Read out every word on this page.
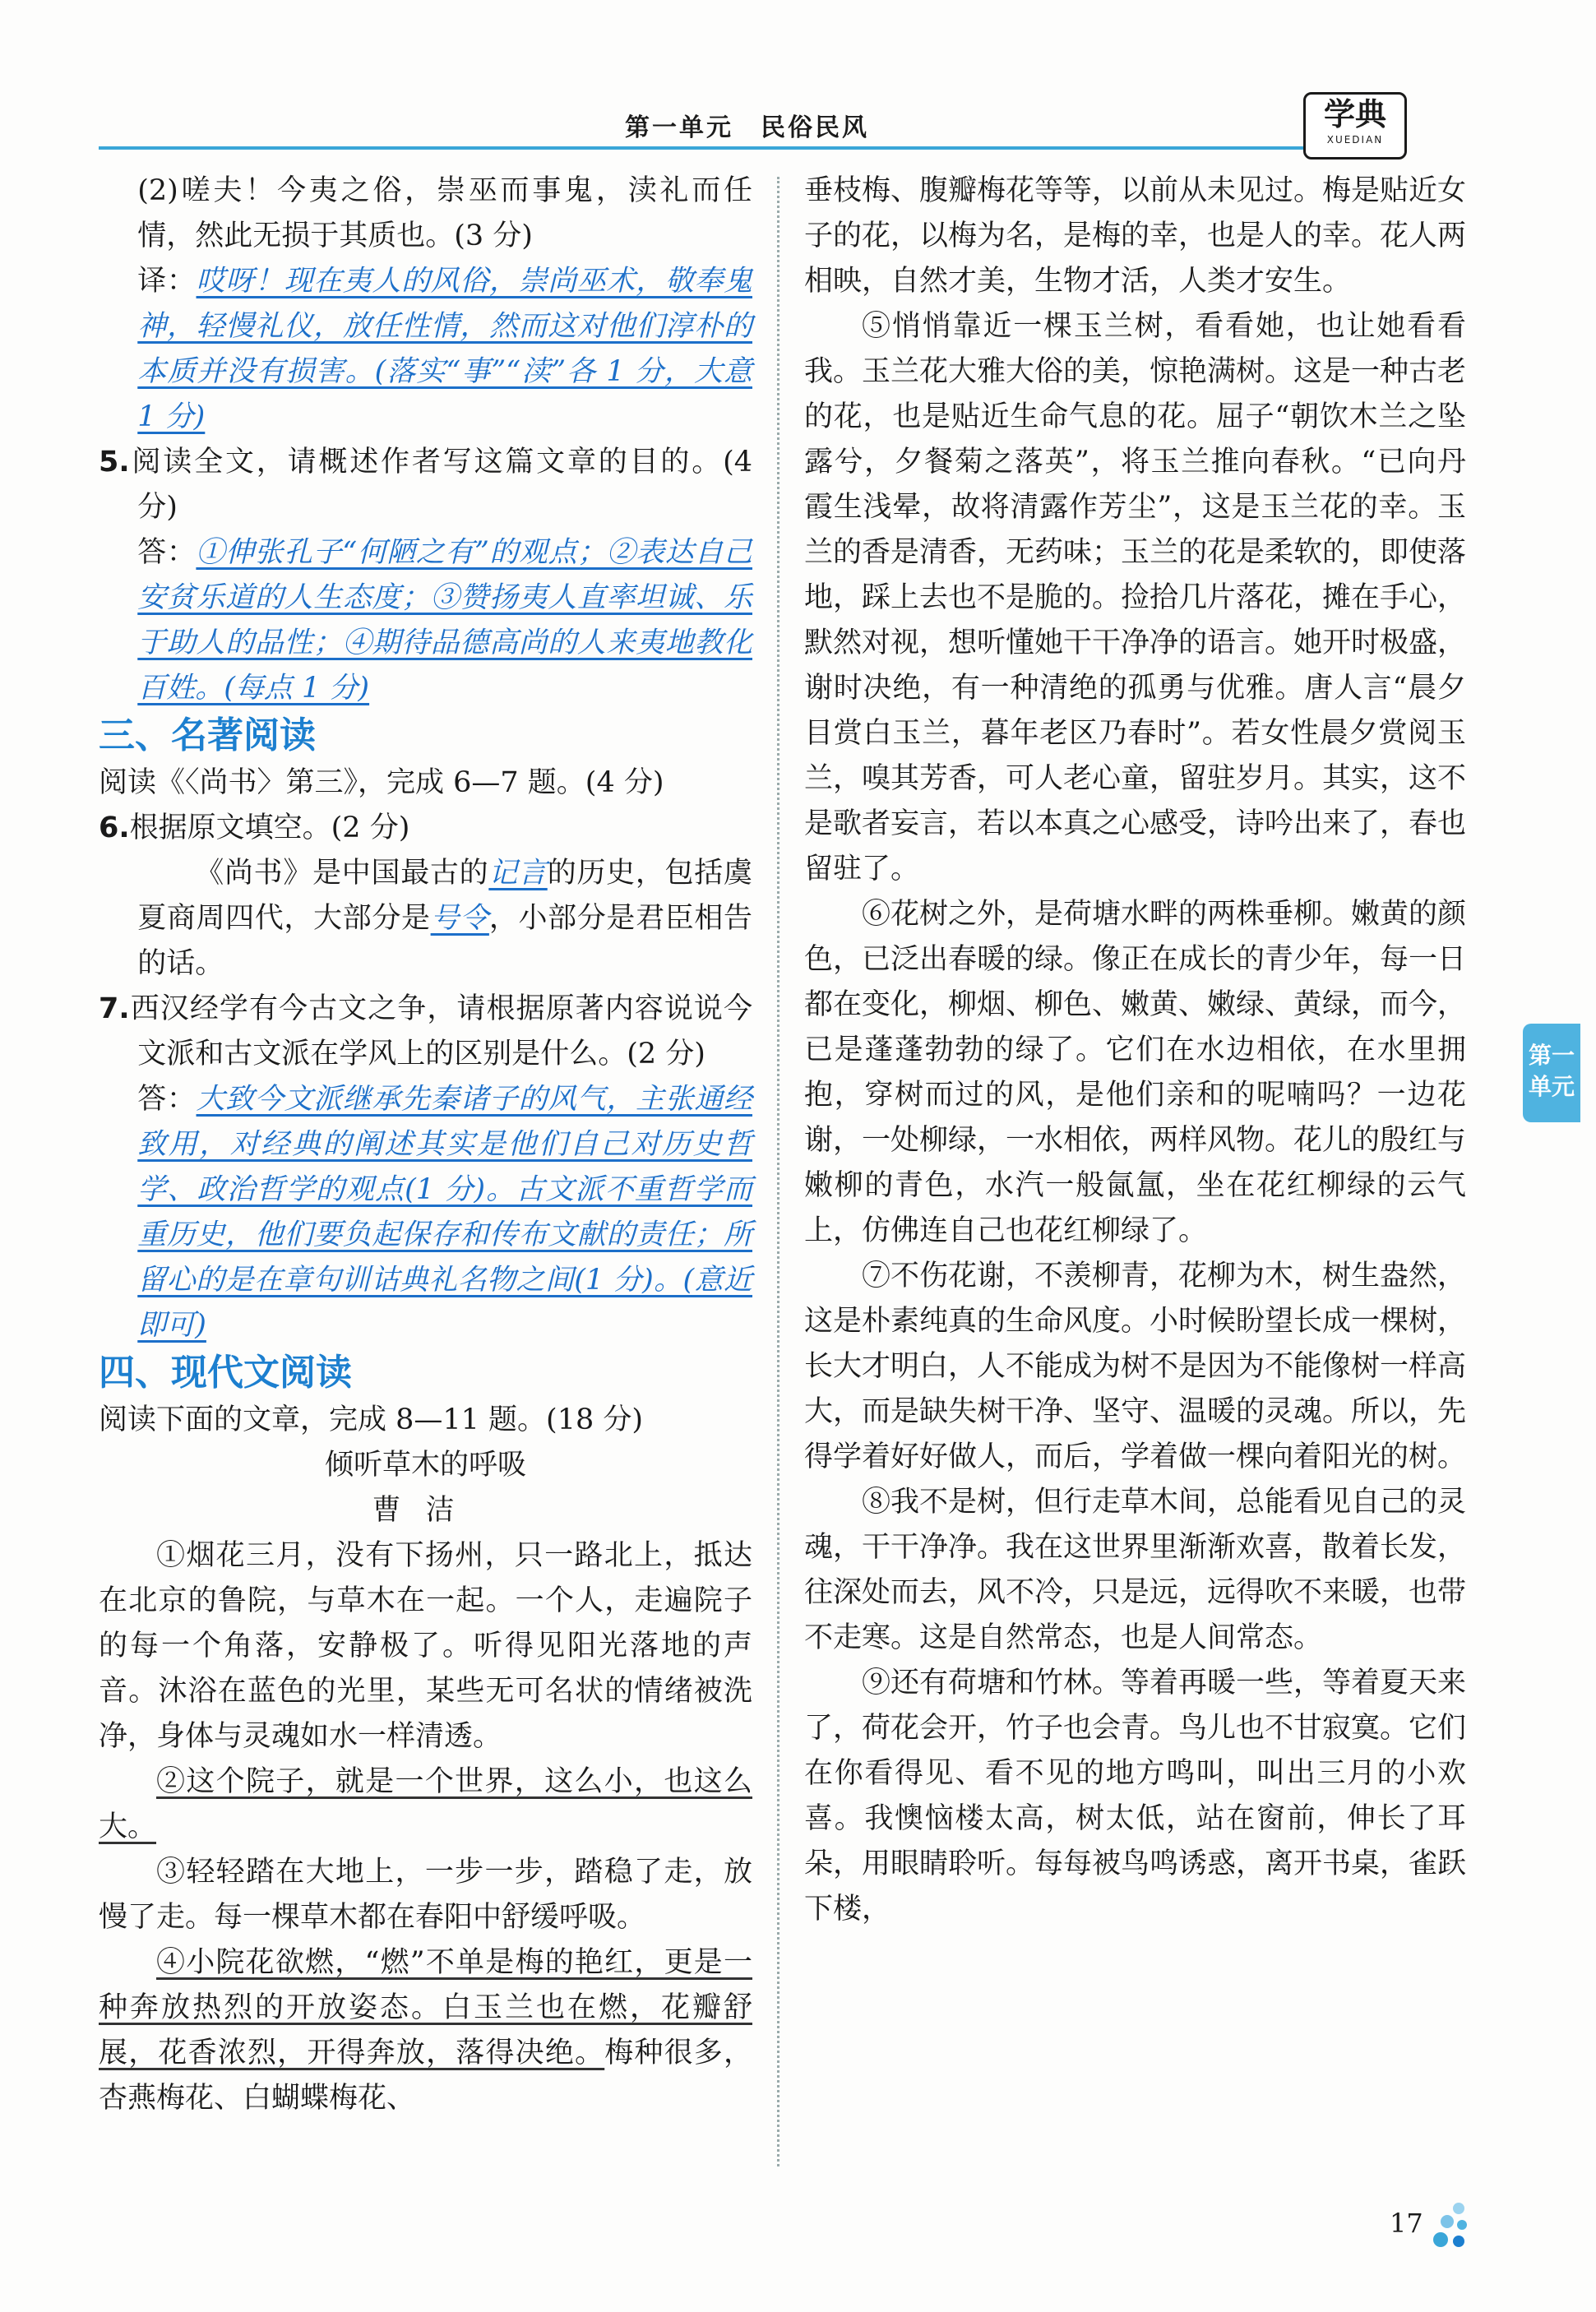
第一单元　民俗民风	学典
XUEDIAN

(2)嗟夫！今夷之俗，崇巫而事鬼，渎礼而任情，然此无损于其质也。(3 分)

译：哎呀！现在夷人的风俗，崇尚巫术，敬奉鬼神，轻慢礼仪，放任性情，然而这对他们淳朴的本质并没有损害。(落实“事”“渎”各 1 分，大意 1 分)

5.阅读全文，请概述作者写这篇文章的目的。(4 分)

答：①伸张孔子“何陋之有”的观点；②表达自己安贫乐道的人生态度；③赞扬夷人直率坦诚、乐于助人的品性；④期待品德高尚的人来夷地教化百姓。(每点 1 分)

三、名著阅读

阅读《〈尚书〉第三》，完成 6—7 题。(4 分)

6.根据原文填空。(2 分)

《尚书》是中国最古的记言的历史，包括虞夏商周四代，大部分是号令，小部分是君臣相告的话。

7.西汉经学有今古文之争，请根据原著内容说说今文派和古文派在学风上的区别是什么。(2 分)

答：大致今文派继承先秦诸子的风气，主张通经致用，对经典的阐述其实是他们自己对历史哲学、政治哲学的观点(1 分)。古文派不重哲学而重历史，他们要负起保存和传布文献的责任；所留心的是在章句训诂典礼名物之间(1 分)。(意近即可)

四、现代文阅读

阅读下面的文章，完成 8—11 题。(18 分)

倾听草木的呼吸

曹洁

①烟花三月，没有下扬州，只一路北上，抵达在北京的鲁院，与草木在一起。一个人，走遍院子的每一个角落，安静极了。听得见阳光落地的声音。沐浴在蓝色的光里，某些无可名状的情绪被洗净，身体与灵魂如水一样清透。

②这个院子，就是一个世界，这么小，也这么大。

③轻轻踏在大地上，一步一步，踏稳了走，放慢了走。每一棵草木都在春阳中舒缓呼吸。

④小院花欲燃，“燃”不单是梅的艳红，更是一种奔放热烈的开放姿态。白玉兰也在燃，花瓣舒展，花香浓烈，开得奔放，落得决绝。梅种很多，杏燕梅花、白蝴蝶梅花、

垂枝梅、腹瓣梅花等等，以前从未见过。梅是贴近女子的花，以梅为名，是梅的幸，也是人的幸。花人两相映，自然才美，生物才活，人类才安生。

⑤悄悄靠近一棵玉兰树，看看她，也让她看看我。玉兰花大雅大俗的美，惊艳满树。这是一种古老的花，也是贴近生命气息的花。屈子“朝饮木兰之坠露兮，夕餐菊之落英”，将玉兰推向春秋。“已向丹霞生浅晕，故将清露作芳尘”，这是玉兰花的幸。玉兰的香是清香，无药味；玉兰的花是柔软的，即使落地，踩上去也不是脆的。捡拾几片落花，摊在手心，默然对视，想听懂她干干净净的语言。她开时极盛，谢时决绝，有一种清绝的孤勇与优雅。唐人言“晨夕目赏白玉兰，暮年老区乃春时”。若女性晨夕赏阅玉兰，嗅其芳香，可人老心童，留驻岁月。其实，这不是歌者妄言，若以本真之心感受，诗吟出来了，春也留驻了。

⑥花树之外，是荷塘水畔的两株垂柳。嫩黄的颜色，已泛出春暖的绿。像正在成长的青少年，每一日都在变化，柳烟、柳色、嫩黄、嫩绿、黄绿，而今，已是蓬蓬勃勃的绿了。它们在水边相依，在水里拥抱，穿树而过的风，是他们亲和的呢喃吗？一边花谢，一处柳绿，一水相依，两样风物。花儿的殷红与嫩柳的青色，水汽一般氤氲，坐在花红柳绿的云气上，仿佛连自己也花红柳绿了。

⑦不伤花谢，不羡柳青，花柳为木，树生盎然，这是朴素纯真的生命风度。小时候盼望长成一棵树，长大才明白，人不能成为树不是因为不能像树一样高大，而是缺失树干净、坚守、温暖的灵魂。所以，先得学着好好做人，而后，学着做一棵向着阳光的树。

⑧我不是树，但行走草木间，总能看见自己的灵魂，干干净净。我在这世界里渐渐欢喜，散着长发，往深处而去，风不冷，只是远，远得吹不来暖，也带不走寒。这是自然常态，也是人间常态。

⑨还有荷塘和竹林。等着再暖一些，等着夏天来了，荷花会开，竹子也会青。鸟儿也不甘寂寞。它们在你看得见、看不见的地方鸣叫，叫出三月的小欢喜。我懊恼楼太高，树太低，站在窗前，伸长了耳朵，用眼睛聆听。每每被鸟鸣诱惑，离开书桌，雀跃下楼，

第一单元
17
